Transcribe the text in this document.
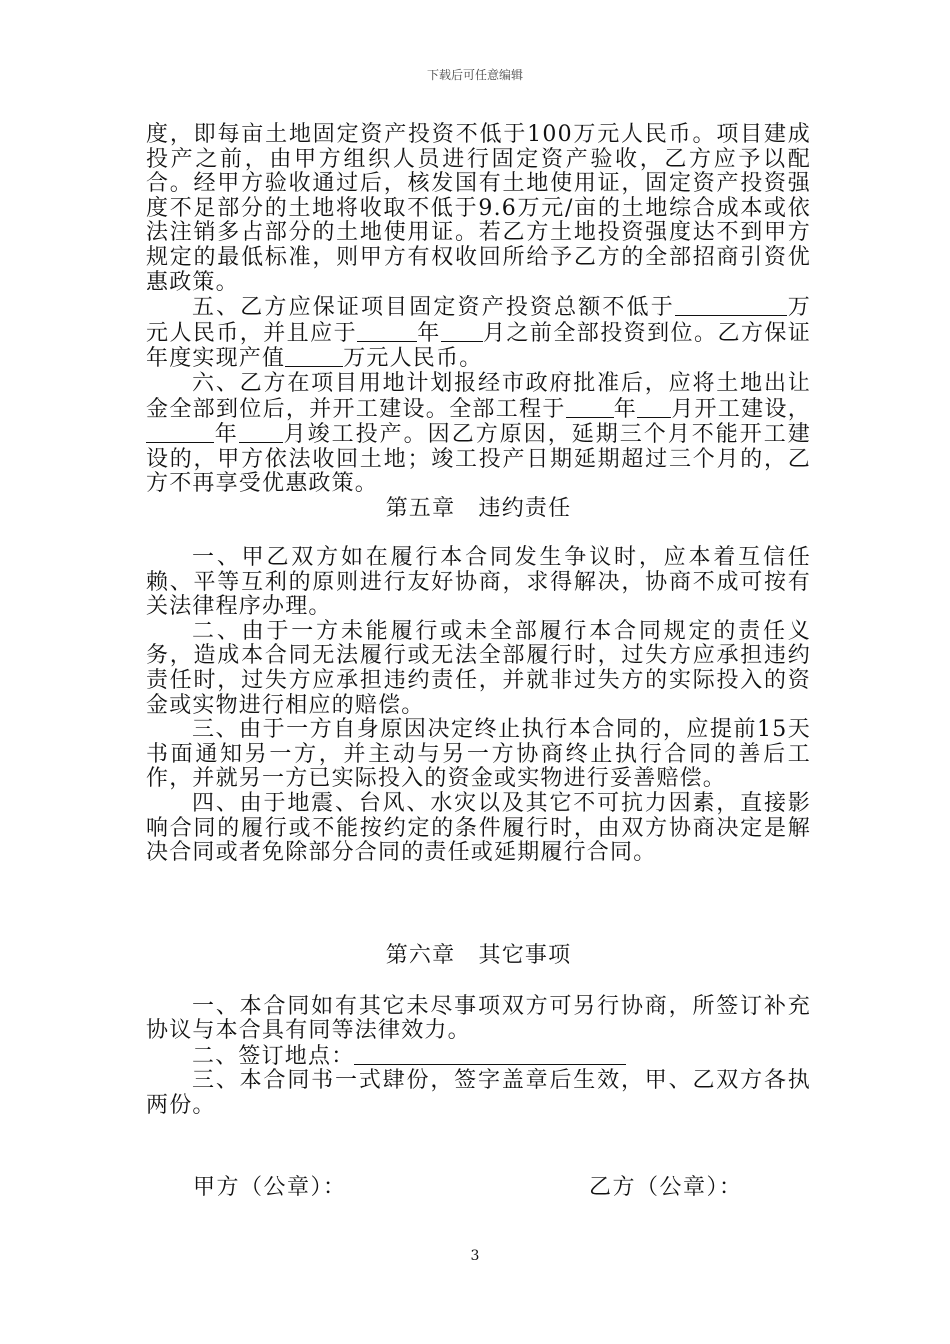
下载后可任意编辑

度，即每亩土地固定资产投资不低于100万元人民币。项目建成投产之前，由甲方组织人员进行固定资产验收，乙方应予以配合。经甲方验收通过后，核发国有土地使用证，固定资产投资强度不足部分的土地将收取不低于9.6万元/亩的土地综合成本或依法注销多占部分的土地使用证。若乙方土地投资强度达不到甲方规定的最低标准，则甲方有权收回所给予乙方的全部招商引资优惠政策。

五、乙方应保证项目固定资产投资总额不低于	万元人民币，并且应于	年 月之前全部投资到位。乙方保证年度实现产值	万元人民币。

六、乙方在项目用地计划报经市政府批准后，应将土地出让金全部到位后，并开工建设。全部工程于 年 月开工建设，年 月竣工投产。因乙方原因，延期三个月不能开工建设的，甲方依法收回土地；竣工投产日期延期超过三个月的，乙方不再享受优惠政策。

第五章　违约责任

一、甲乙双方如在履行本合同发生争议时，应本着互信任赖、平等互利的原则进行友好协商，求得解决，协商不成可按有关法律程序办理。

二、由于一方未能履行或未全部履行本合同规定的责任义务，造成本合同无法履行或无法全部履行时，过失方应承担违约责任时，过失方应承担违约责任，并就非过失方的实际投入的资金或实物进行相应的赔偿。

三、由于一方自身原因决定终止执行本合同的，应提前15天书面通知另一方，并主动与另一方协商终止执行合同的善后工作，并就另一方已实际投入的资金或实物进行妥善赔偿。

四、由于地震、台风、水灾以及其它不可抗力因素，直接影响合同的履行或不能按约定的条件履行时，由双方协商决定是解决合同或者免除部分合同的责任或延期履行合同。

第六章　其它事项

一、本合同如有其它未尽事项双方可另行协商，所签订补充协议与本合具有同等法律效力。

二、签订地点：

三、本合同书一式肆份，签字盖章后生效，甲、乙双方各执两份。

甲方（公章）：	乙方（公章）：
3
